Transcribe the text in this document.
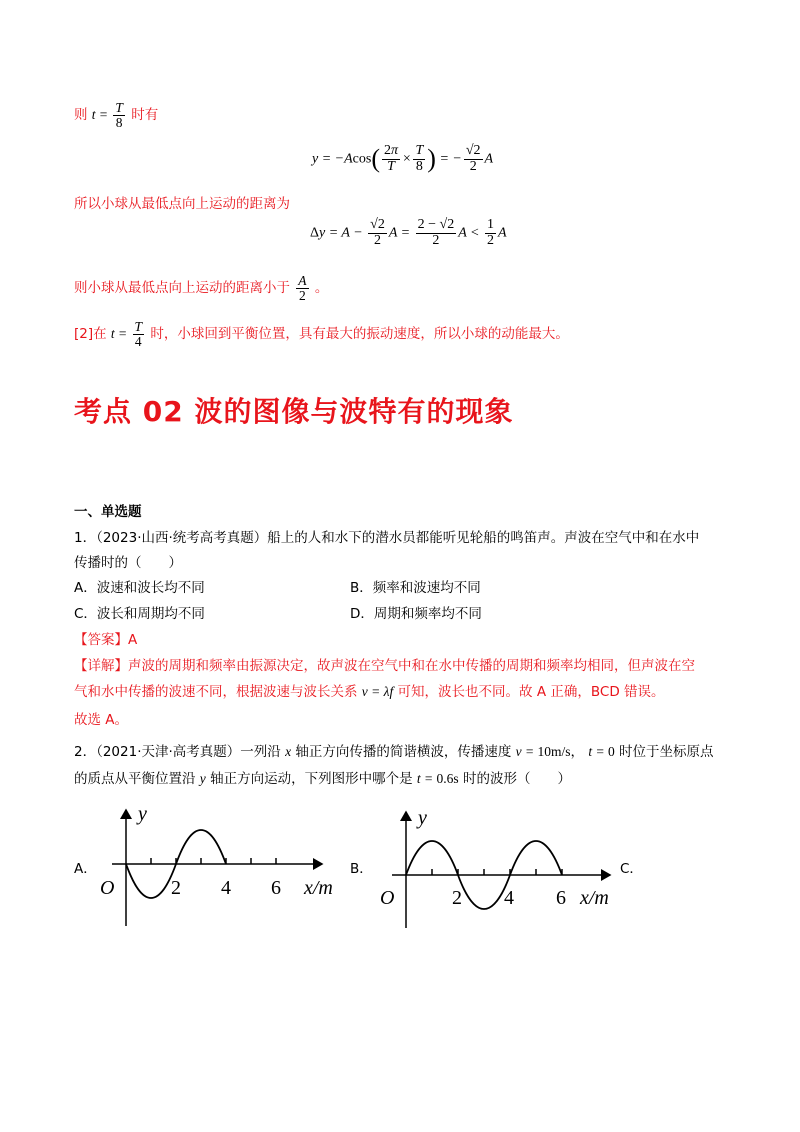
则 $t = \frac{T}{8}$ 时有
$y = -Acos( \frac{2\pi}{T} \times \frac{T}{8}$ ) = − $\frac{√2}{2}$ A
所以小球从最低点向上运动的距离为
$\Delta y = A - \frac{√2}{2}$ $A = \frac{2 - √2}{2}$ $A < \frac{1}{2}$ A
则小球从最低点向上运动的距离小于 $\frac{A}{2}$ 。
[2]在 $t = \frac{T}{4}$ 时，小球回到平衡位置，具有最大的振动速度，所以小球的动能最大。
考点 02 波的图像与波特有的现象
一、单选题
1．（2023·山西·统考高考真题）船上的人和水下的潜水员都能听见轮船的鸣笛声。声波在空气中和在水中
传播时的（　　）
A．波速和波长均不同	B．频率和波速均不同
C．波长和周期均不同	D．周期和频率均不同
【答案】A
【详解】声波的周期和频率由振源决定，故声波在空气中和在水中传播的周期和频率均相同，但声波在空
气和水中传播的波速不同，根据波速与波长关系 v = λf 可知，波长也不同。故 A 正确，BCD 错误。
故选 A。
2．（2021·天津·高考真题）一列沿 x 轴正方向传播的简谐横波，传播速度 v = 10m/s， t = 0 时位于坐标原点
的质点从平衡位置沿 y 轴正方向运动，下列图形中哪个是 t = 0.6s 时的波形（　　）
A．	B．	C．
y
O	2 4 6 x/m
y
O	2 4 6 x/m
